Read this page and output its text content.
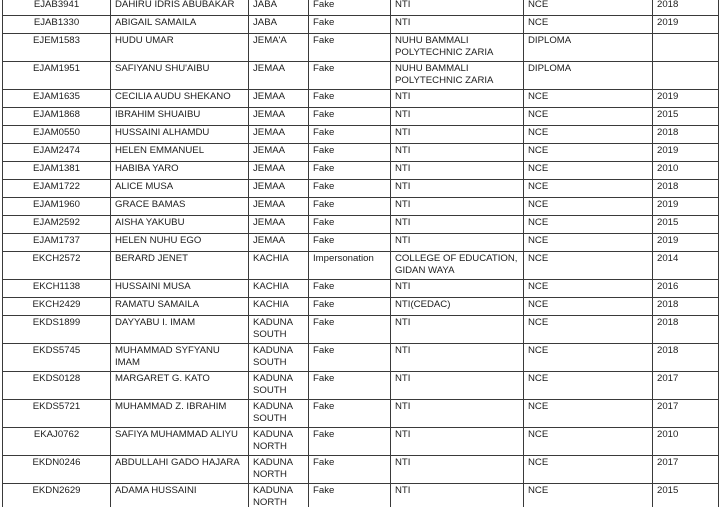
EJAB3941	DAHIRU IDRIS ABUBAKAR	JABA	Fake	NTI	NCE	2018
EJAB1330	ABIGAIL SAMAILA	JABA	Fake	NTI	NCE	2019
EJEM1583	HUDU UMAR	JEMA'A	Fake	NUHU BAMMALI POLYTECHNIC ZARIA	DIPLOMA	
EJAM1951	SAFIYANU SHU'AIBU	JEMAA	Fake	NUHU BAMMALI POLYTECHNIC ZARIA	DIPLOMA	
EJAM1635	CECILIA AUDU SHEKANO	JEMAA	Fake	NTI	NCE	2019
EJAM1868	IBRAHIM SHUAIBU	JEMAA	Fake	NTI	NCE	2015
EJAM0550	HUSSAINI ALHAMDU	JEMAA	Fake	NTI	NCE	2018
EJAM2474	HELEN EMMANUEL	JEMAA	Fake	NTI	NCE	2019
EJAM1381	HABIBA YARO	JEMAA	Fake	NTI	NCE	2010
EJAM1722	ALICE MUSA	JEMAA	Fake	NTI	NCE	2018
EJAM1960	GRACE BAMAS	JEMAA	Fake	NTI	NCE	2019
EJAM2592	AISHA YAKUBU	JEMAA	Fake	NTI	NCE	2015
EJAM1737	HELEN NUHU EGO	JEMAA	Fake	NTI	NCE	2019
EKCH2572	BERARD JENET	KACHIA	Impersonation	COLLEGE OF EDUCATION, GIDAN WAYA	NCE	2014
EKCH1138	HUSSAINI MUSA	KACHIA	Fake	NTI	NCE	2016
EKCH2429	RAMATU SAMAILA	KACHIA	Fake	NTI(CEDAC)	NCE	2018
EKDS1899	DAYYABU I. IMAM	KADUNA SOUTH	Fake	NTI	NCE	2018
EKDS5745	MUHAMMAD SYFYANU IMAM	KADUNA SOUTH	Fake	NTI	NCE	2018
EKDS0128	MARGARET G. KATO	KADUNA SOUTH	Fake	NTI	NCE	2017
EKDS5721	MUHAMMAD Z. IBRAHIM	KADUNA SOUTH	Fake	NTI	NCE	2017
EKAJ0762	SAFIYA MUHAMMAD ALIYU	KADUNA NORTH	Fake	NTI	NCE	2010
EKDN0246	ABDULLAHI GADO HAJARA	KADUNA NORTH	Fake	NTI	NCE	2017
EKDN2629	ADAMA HUSSAINI	KADUNA NORTH	Fake	NTI	NCE	2015
